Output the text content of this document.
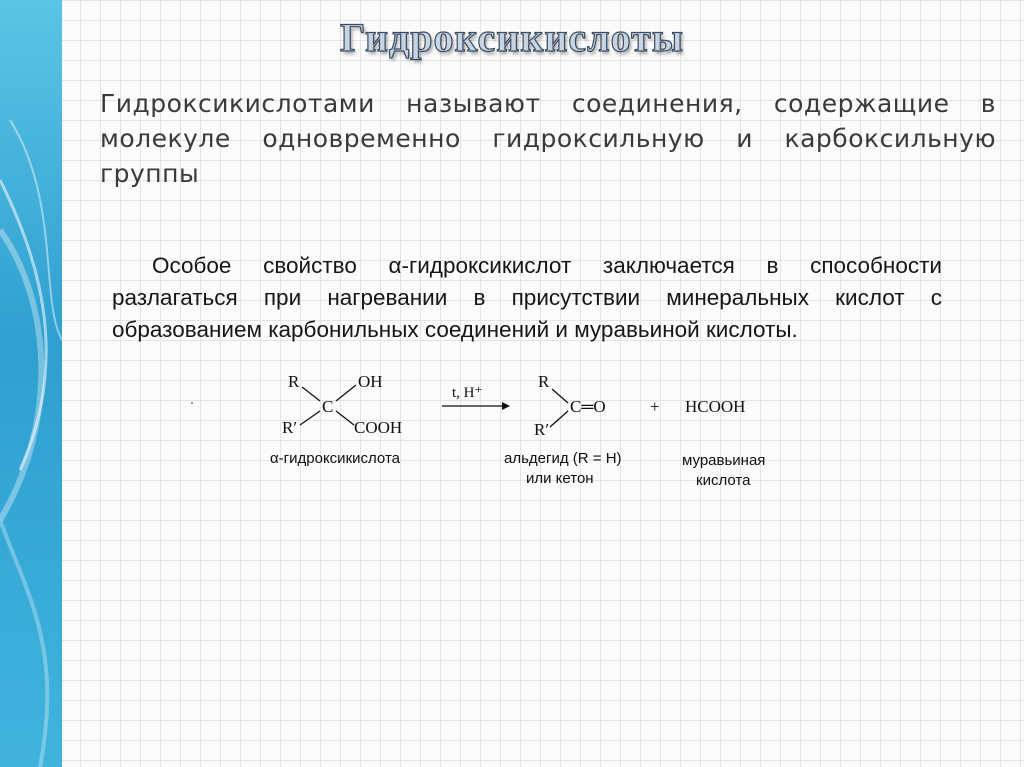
Гидроксикислоты
Гидроксикислотами называют соединения, содержащие в молекуле одновременно гидроксильную и карбоксильную группы
Особое свойство α-гидроксикислот заключается в способности разлагаться при нагревании в присутствии минеральных кислот с образованием карбонильных соединений и муравьиной кислоты.
R
R′
C
OH
COOH
t, H⁺
R
R′
C═O	+ HCOOH
α-гидроксикислота	альдегид (R = H)
или кетон
муравьиная
кислота
